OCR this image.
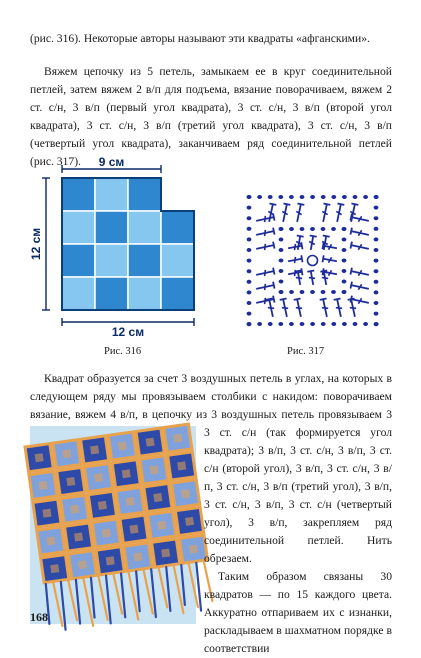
(рис. 316). Некоторые авторы называют эти квадраты «афганскими».

Вяжем цепочку из 5 петель, замыкаем ее в круг соединительной петлей, затем вяжем 2 в/п для подъема, вязание поворачиваем, вяжем 2 ст. с/н, 3 в/п (первый угол квадрата), 3 ст. с/н, 3 в/п (второй угол квадрата), 3 ст. с/н, 3 в/п (третий угол квадрата), 3 ст. с/н, 3 в/п (четвертый угол квадрата), заканчиваем ряд соединительной петлей (рис. 317).	9 см
12 см
12 см
Рис. 316	Рис. 317

Квадрат образуется за счет 3 воздушных петель в углах, на которых в следующем ряду мы провязываем столбики с накидом: поворачиваем вязание, вяжем 4 в/п, в цепочку из 3 воздушных петель провязываем 3

3 ст. с/н (так формируется угол квадрата); 3 в/п, 3 ст. с/н, 3 в/п, 3 ст. с/н (второй угол), 3 в/п, 3 ст. с/н, 3 в/п, 3 ст. с/н, 3 в/п (третий угол), 3 в/п, 3 ст. с/н, 3 в/п, 3 ст. с/н (четвертый угол), 3 в/п, закрепляем ряд соединительной петлей. Нить обрезаем.

Таким образом связаны 30 квадратов — по 15 каждого цвета. Аккуратно отпариваем их с изнанки, раскладываем в шахматном порядке в соответствии

168
